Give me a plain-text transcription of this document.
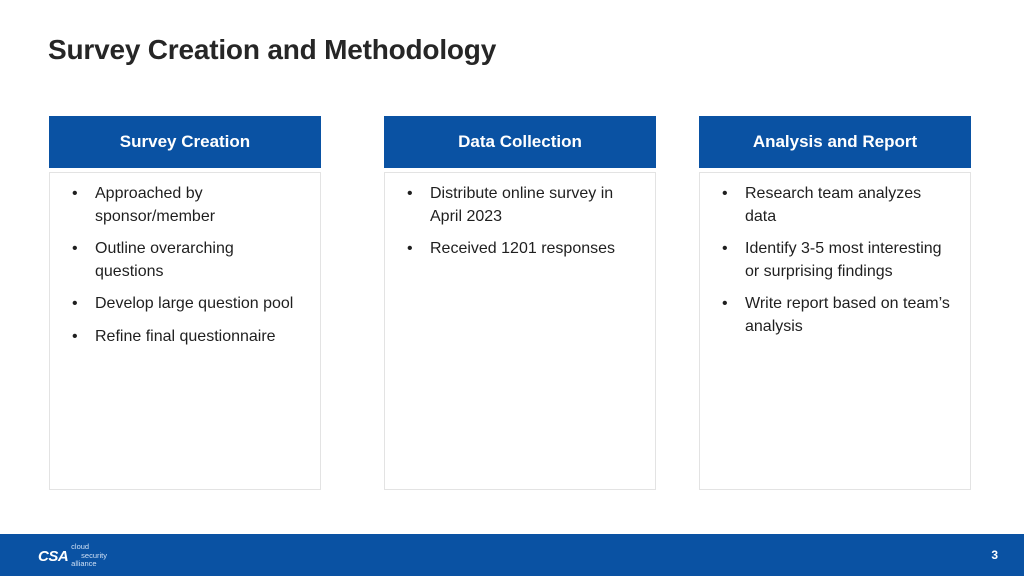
Survey Creation and Methodology
Survey Creation
• Approached by sponsor/member
• Outline overarching questions
• Develop large question pool
• Refine final questionnaire
Data Collection
• Distribute online survey in April 2023
• Received 1201 responses
Analysis and Report
• Research team analyzes data
• Identify 3-5 most interesting or surprising findings
• Write report based on team’s analysis
CSA
cloud
security
alliance
3
